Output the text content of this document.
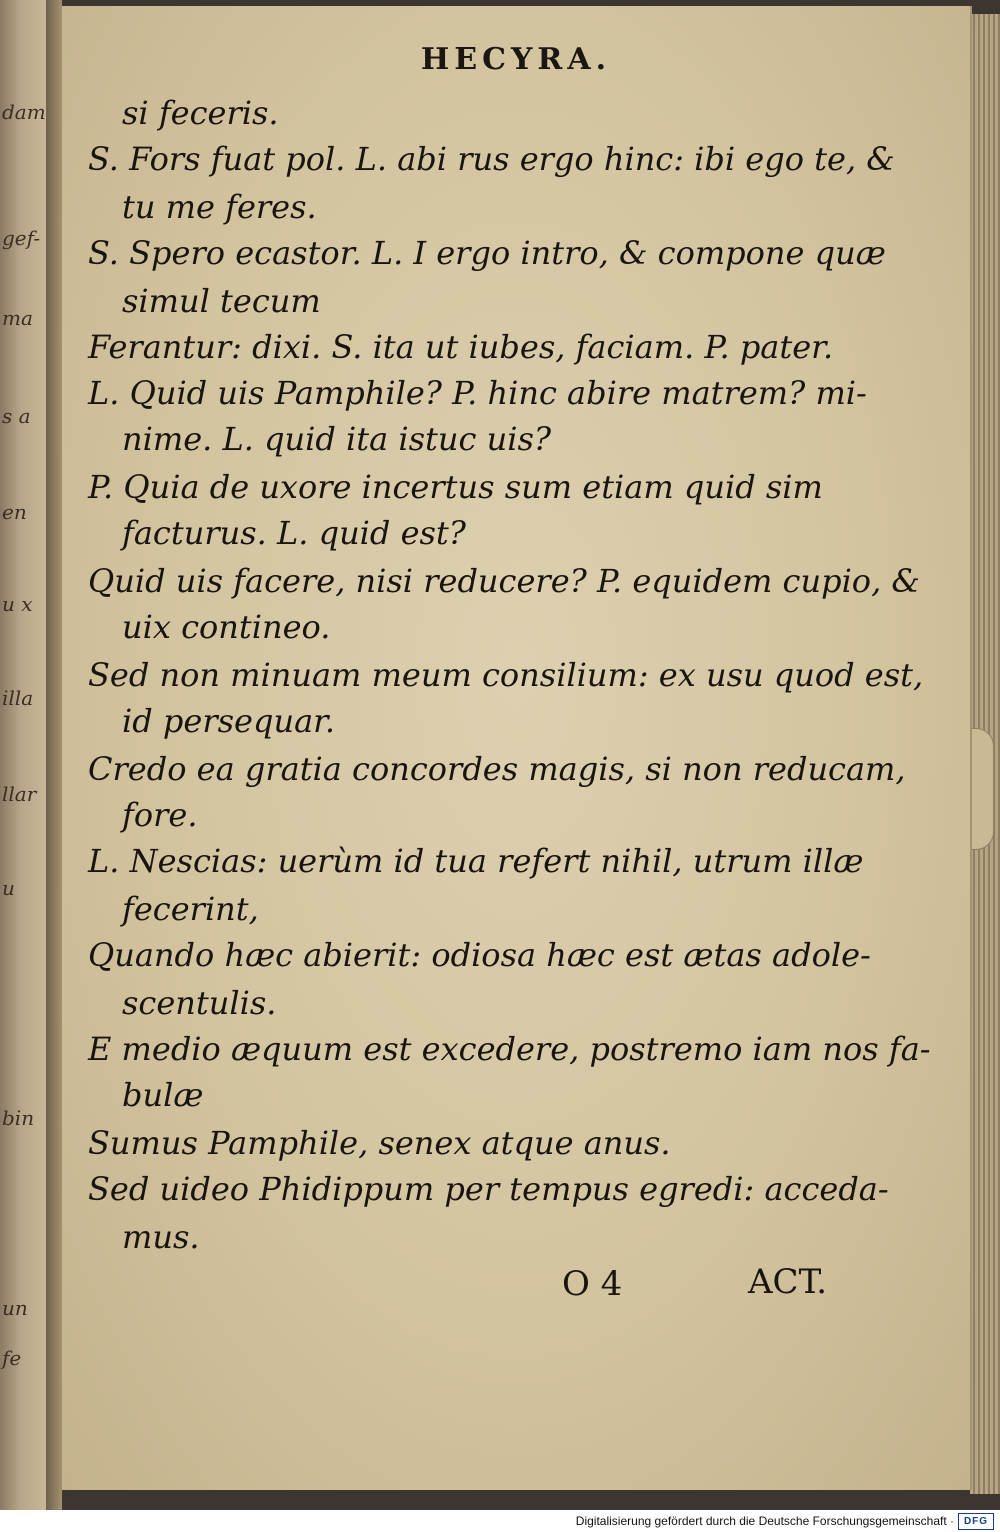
dam
gef-
ma
s a
en
u x
illa
llar
u
bin
un
fe
HECYRA.
si feceris.
S. Fors fuat pol. L. abi rus ergo hinc: ibi ego te, &
tu me feres.
S. Spero ecastor. L. I ergo intro, & compone quæ
simul tecum
Ferantur: dixi. S. ita ut iubes, faciam. P. pater.
L. Quid uis Pamphile? P. hinc abire matrem? mi-
nime. L. quid ita istuc uis?
P. Quia de uxore incertus sum etiam quid sim
facturus. L. quid est?
Quid uis facere, nisi reducere? P. equidem cupio, &
uix contineo.
Sed non minuam meum consilium: ex usu quod est,
id persequar.
Credo ea gratia concordes magis, si non reducam,
fore.
L. Nescias: uerùm id tua refert nihil, utrum illæ
fecerint,
Quando hæc abierit: odiosa hæc est ætas adole-
scentulis.
E medio æquum est excedere, postremo iam nos fa-
bulæ
Sumus Pamphile, senex atque anus.
Sed uideo Phidippum per tempus egredi: acceda-
mus.
O 4	ACT.
Digitalisierung gefördert durch die Deutsche Forschungsgemeinschaft · DFG
